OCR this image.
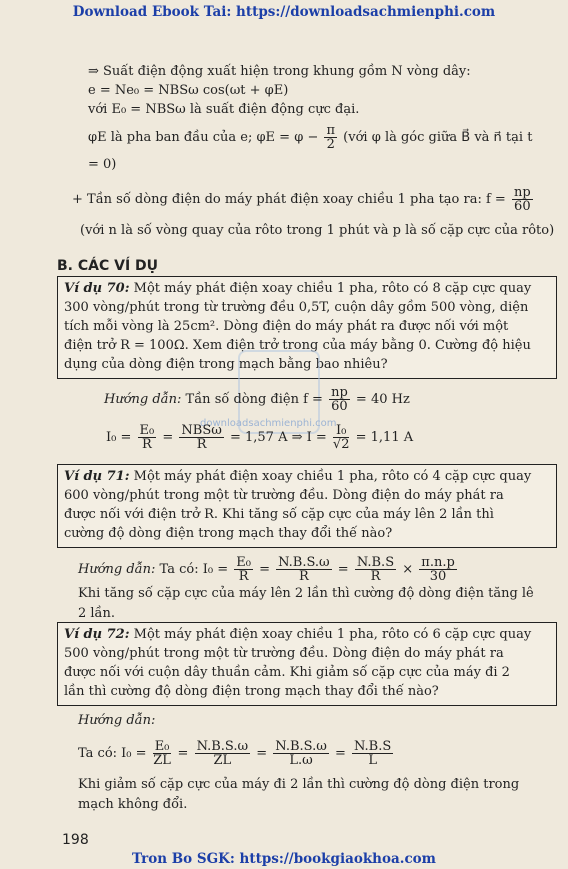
Download Ebook Tai: https://downloadsachmienphi.com
⇒ Suất điện động xuất hiện trong khung gồm N vòng dây:
e = Ne₀ = NBSω cos(ωt + φE)
với E₀ = NBSω là suất điện động cực đại.
φE là pha ban đầu của e; $\varphi E = \varphi - \frac{\pi}{2}$ (với φ là góc giữa B⃗ và n⃗ tại t
= 0)
+ Tần số dòng điện do máy phát điện xoay chiều 1 pha tạo ra: $f = \frac{np}{60}$
(với n là số vòng quay của rôto trong 1 phút và p là số cặp cực của rôto)
B. CÁC VÍ DỤ
Ví dụ 70: Một máy phát điện xoay chiều 1 pha, rôto có 8 cặp cực quay
300 vòng/phút trong từ trường đều 0,5T, cuộn dây gồm 500 vòng, diện
tích mỗi vòng là 25cm². Dòng điện do máy phát ra được nối với một
điện trở R = 100Ω. Xem điện trở trong của máy bằng 0. Cường độ hiệu
dụng của dòng điện trong mạch bằng bao nhiêu?
downloadsachmienphi.com
Hướng dẫn: Tần số dòng điện $f = \frac{np}{60} = 40$ Hz
$I_0 = \frac{\text{E₀}}{R} = \frac{\text{NBSω}}{R} = 1,57$ A ⇒ $I = \frac{\text{I₀}}{√2} = 1,11$ A
Ví dụ 71: Một máy phát điện xoay chiều 1 pha, rôto có 4 cặp cực quay
600 vòng/phút trong một từ trường đều. Dòng điện do máy phát ra
được nối với điện trở R. Khi tăng số cặp cực của máy lên 2 lần thì
cường độ dòng điện trong mạch thay đổi thế nào?
Hướng dẫn: Ta có: $I_0 = \frac{\text{E₀}}{R} = \frac{N.B.S.\omega}{R} = \frac{N.B.S}{R} \times \frac{\pi.n.p}{30}$
Khi tăng số cặp cực của máy lên 2 lần thì cường độ dòng điện tăng lê
2 lần.
Ví dụ 72: Một máy phát điện xoay chiều 1 pha, rôto có 6 cặp cực quay
500 vòng/phút trong một từ trường đều. Dòng điện do máy phát ra
được nối với cuộn dây thuần cảm. Khi giảm số cặp cực của máy đi 2
lần thì cường độ dòng điện trong mạch thay đổi thế nào?
Hướng dẫn:
Ta có: $I_0 = \frac{\text{E₀}}{ZL} = \frac{N.B.S.\omega}{ZL} = \frac{N.B.S.\omega}{L.\omega} = \frac{N.B.S}{L}$
Khi giảm số cặp cực của máy đi 2 lần thì cường độ dòng điện trong
mạch không đổi.
198
Tron Bo SGK: https://bookgiaokhoa.com
